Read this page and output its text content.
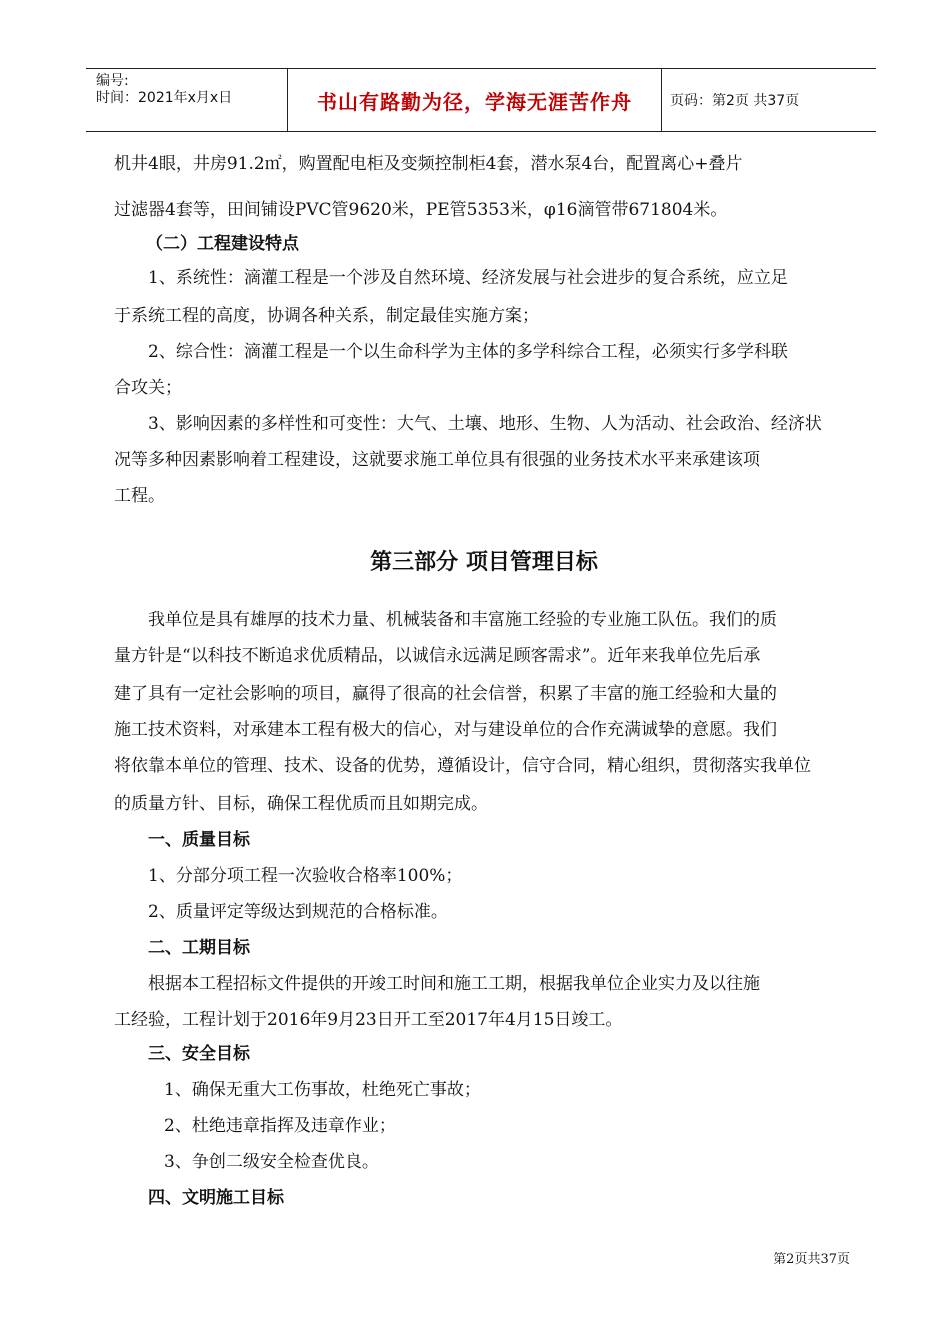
编号:
时间：2021年x月x日	书山有路勤为径，学海无涯苦作舟	页码：第2页 共37页
机井4眼，井房91.2㎡，购置配电柜及变频控制柜4套，潜水泵4台，配置离心+叠片
过滤器4套等，田间铺设PVC管9620米，PE管5353米，φ16滴管带671804米。
（二）工程建设特点
1、系统性：滴灌工程是一个涉及自然环境、经济发展与社会进步的复合系统，应立足
于系统工程的高度，协调各种关系，制定最佳实施方案；
2、综合性：滴灌工程是一个以生命科学为主体的多学科综合工程，必须实行多学科联
合攻关；
3、影响因素的多样性和可变性：大气、土壤、地形、生物、人为活动、社会政治、经济状
况等多种因素影响着工程建设，这就要求施工单位具有很强的业务技术水平来承建该项
工程。
第三部分 项目管理目标
我单位是具有雄厚的技术力量、机械装备和丰富施工经验的专业施工队伍。我们的质
量方针是“以科技不断追求优质精品，以诚信永远满足顾客需求”。近年来我单位先后承
建了具有一定社会影响的项目，赢得了很高的社会信誉，积累了丰富的施工经验和大量的
施工技术资料，对承建本工程有极大的信心，对与建设单位的合作充满诚挚的意愿。我们
将依靠本单位的管理、技术、设备的优势，遵循设计，信守合同，精心组织，贯彻落实我单位
的质量方针、目标，确保工程优质而且如期完成。
一、质量目标
1、分部分项工程一次验收合格率100%；
2、质量评定等级达到规范的合格标准。
二、工期目标
根据本工程招标文件提供的开竣工时间和施工工期，根据我单位企业实力及以往施
工经验，工程计划于2016年9月23日开工至2017年4月15日竣工。
三、安全目标
1、确保无重大工伤事故，杜绝死亡事故；
2、杜绝违章指挥及违章作业；
3、争创二级安全检查优良。
四、文明施工目标
第2页共37页
